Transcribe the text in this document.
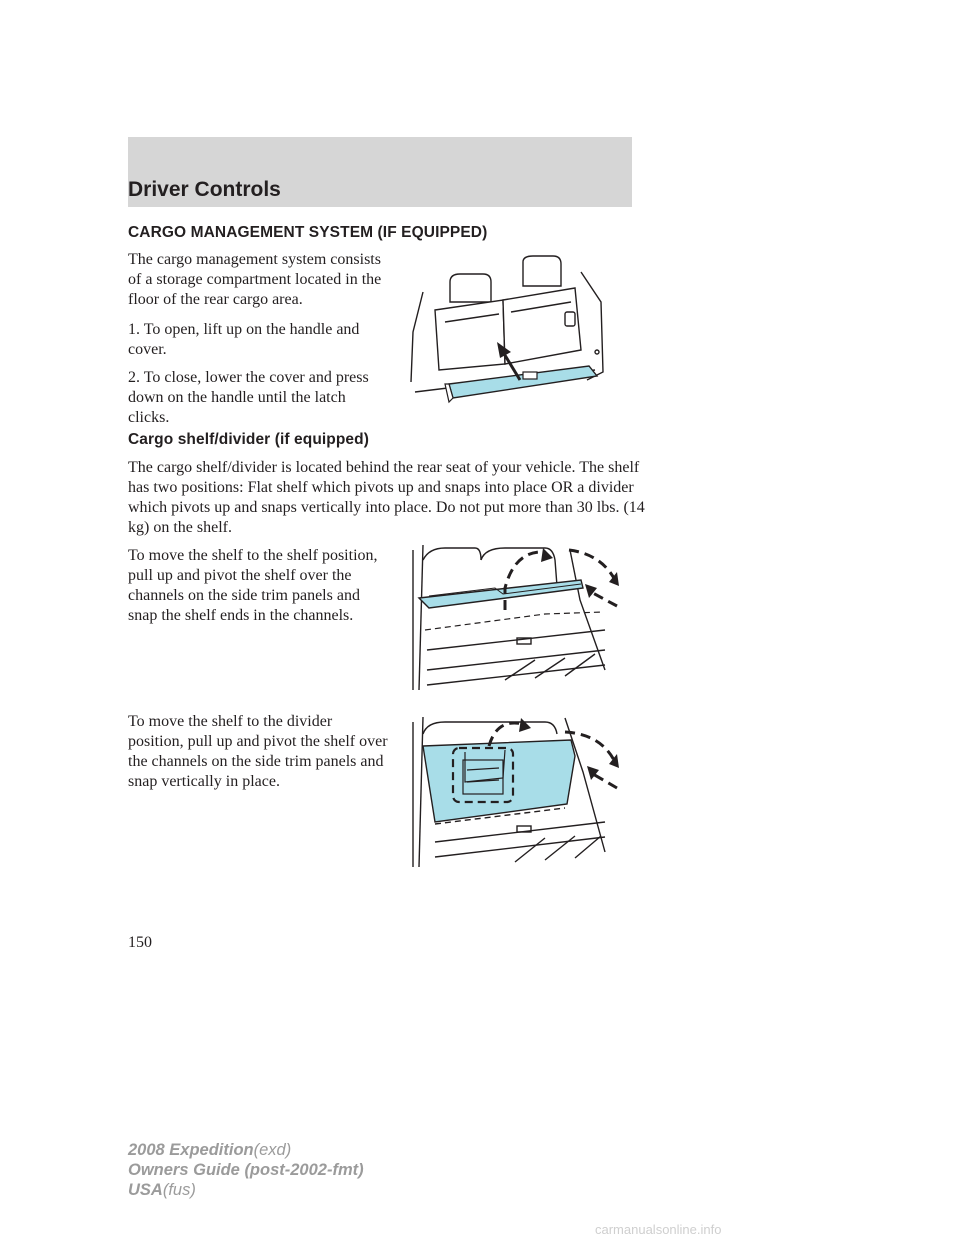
Driver Controls
CARGO MANAGEMENT SYSTEM (IF EQUIPPED)

The cargo management system consists of a storage compartment located in the floor of the rear cargo area.

1. To open, lift up on the handle and cover.

2. To close, lower the cover and press down on the handle until the latch clicks.

Cargo shelf/divider (if equipped)

The cargo shelf/divider is located behind the rear seat of your vehicle. The shelf has two positions: Flat shelf which pivots up and snaps into place OR a divider which pivots up and snaps vertically into place. Do not put more than 30 lbs. (14 kg) on the shelf.

To move the shelf to the shelf position, pull up and pivot the shelf over the channels on the side trim panels and snap the shelf ends in the channels.

To move the shelf to the divider position, pull up and pivot the shelf over the channels on the side trim panels and snap vertically in place.

150
2008 Expedition(exd)
Owners Guide (post-2002-fmt)
USA(fus)
carmanualsonline.info
